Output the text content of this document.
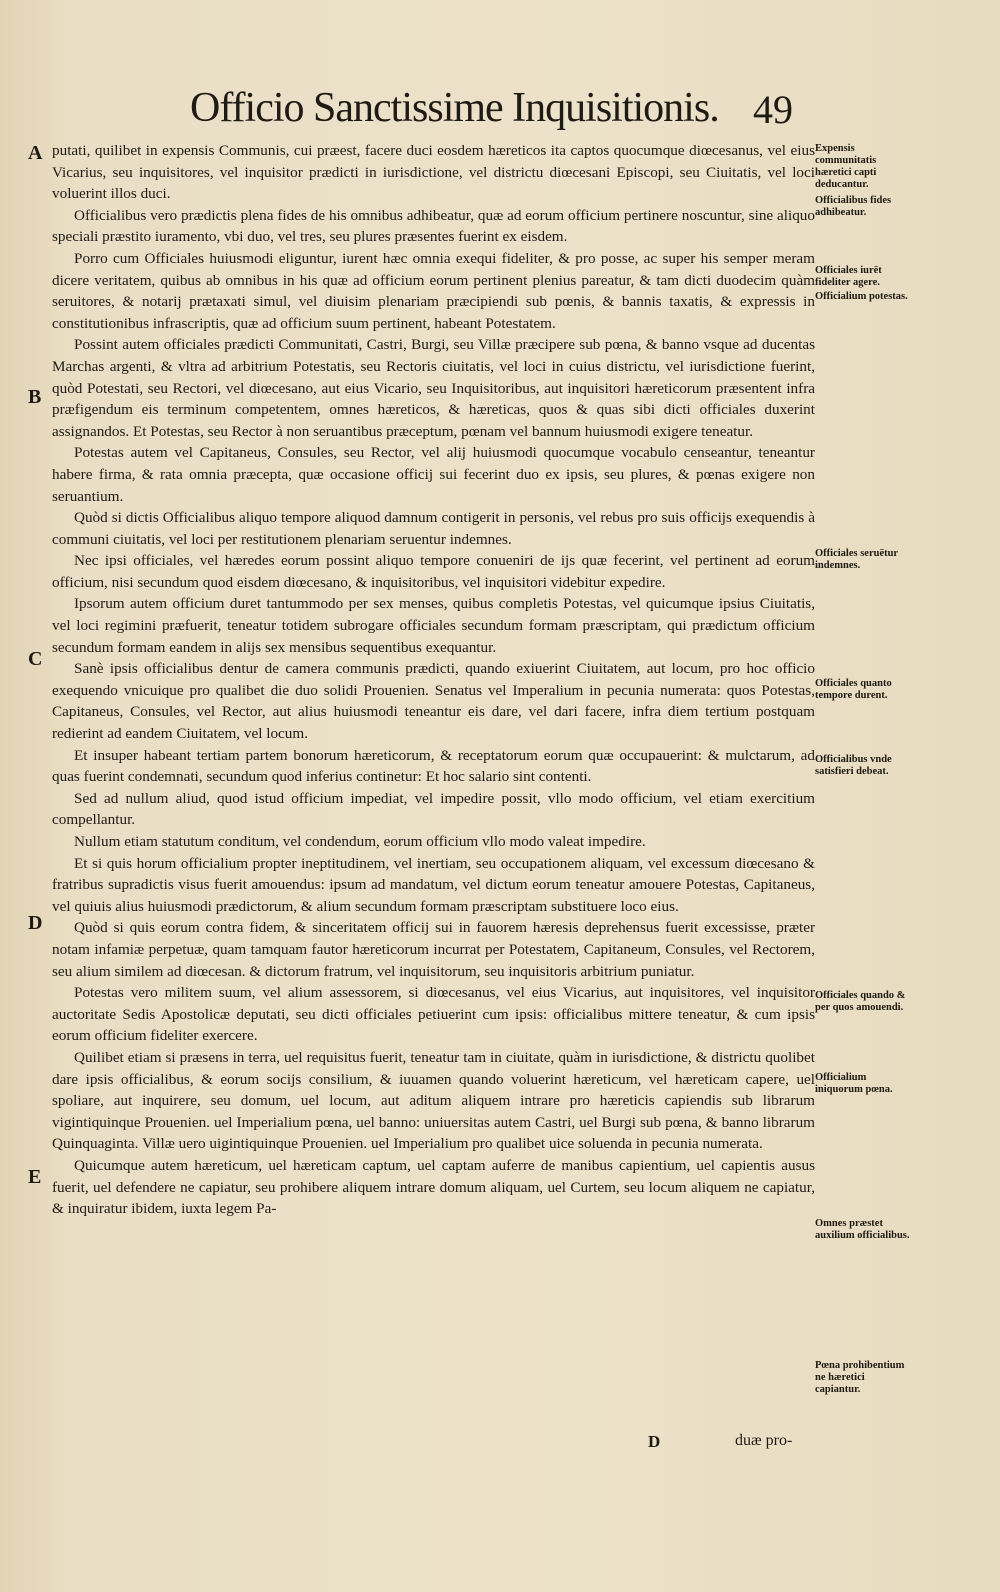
Officio Sanctissime Inquisitionis. 49
A
B
C
D
E

putati, quilibet in expensis Communis, cui præest, facere duci eosdem hæreticos ita captos quocumque diœcesanus, vel eius Vicarius, seu inquisitores, vel inquisitor prædicti in iurisdictione, vel districtu diœcesani Episcopi, seu Ciuitatis, vel loci voluerint illos duci.

Officialibus vero prædictis plena fides de his omnibus adhibeatur, quæ ad eorum officium pertinere noscuntur, sine aliquo speciali præstito iuramento, vbi duo, vel tres, seu plures præsentes fuerint ex eisdem.

Porro cum Officiales huiusmodi eliguntur, iurent hæc omnia exequi fideliter, & pro posse, ac super his semper meram dicere veritatem, quibus ab omnibus in his quæ ad officium eorum pertinent plenius pareatur, & tam dicti duodecim quàm seruitores, & notarij prætaxati simul, vel diuisim plenariam præcipiendi sub pœnis, & bannis taxatis, & expressis in constitutionibus infrascriptis, quæ ad officium suum pertinent, habeant Potestatem.

Possint autem officiales prædicti Communitati, Castri, Burgi, seu Villæ præcipere sub pœna, & banno vsque ad ducentas Marchas argenti, & vltra ad arbitrium Potestatis, seu Rectoris ciuitatis, vel loci in cuius districtu, vel iurisdictione fuerint, quòd Potestati, seu Rectori, vel diœcesano, aut eius Vicario, seu Inquisitoribus, aut inquisitori hæreticorum præsentent infra præfigendum eis terminum competentem, omnes hæreticos, & hæreticas, quos & quas sibi dicti officiales duxerint assignandos. Et Potestas, seu Rector à non seruantibus præceptum, pœnam vel bannum huiusmodi exigere teneatur.

Potestas autem vel Capitaneus, Consules, seu Rector, vel alij huiusmodi quocumque vocabulo censeantur, teneantur habere firma, & rata omnia præcepta, quæ occasione officij sui fecerint duo ex ipsis, seu plures, & pœnas exigere non seruantium.

Quòd si dictis Officialibus aliquo tempore aliquod damnum contigerit in personis, vel rebus pro suis officijs exequendis à communi ciuitatis, vel loci per restitutionem plenariam seruentur indemnes.

Nec ipsi officiales, vel hæredes eorum possint aliquo tempore conueniri de ijs quæ fecerint, vel pertinent ad eorum officium, nisi secundum quod eisdem diœcesano, & inquisitoribus, vel inquisitori videbitur expedire.

Ipsorum autem officium duret tantummodo per sex menses, quibus completis Potestas, vel quicumque ipsius Ciuitatis, vel loci regimini præfuerit, teneatur totidem subrogare officiales secundum formam præscriptam, qui prædictum officium secundum formam eandem in alijs sex mensibus sequentibus exequantur.

Sanè ipsis officialibus dentur de camera communis prædicti, quando exiuerint Ciuitatem, aut locum, pro hoc officio exequendo vnicuique pro qualibet die duo solidi Prouenien. Senatus vel Imperalium in pecunia numerata: quos Potestas, Capitaneus, Consules, vel Rector, aut alius huiusmodi teneantur eis dare, vel dari facere, infra diem tertium postquam redierint ad eandem Ciuitatem, vel locum.

Et insuper habeant tertiam partem bonorum hæreticorum, & receptatorum eorum quæ occupauerint: & mulctarum, ad quas fuerint condemnati, secundum quod inferius continetur: Et hoc salario sint contenti.

Sed ad nullum aliud, quod istud officium impediat, vel impedire possit, vllo modo officium, vel etiam exercitium compellantur.

Nullum etiam statutum conditum, vel condendum, eorum officium vllo modo valeat impedire.

Et si quis horum officialium propter ineptitudinem, vel inertiam, seu occupationem aliquam, vel excessum diœcesano & fratribus supradictis visus fuerit amouendus: ipsum ad mandatum, vel dictum eorum teneatur amouere Potestas, Capitaneus, vel quiuis alius huiusmodi prædictorum, & alium secundum formam præscriptam substituere loco eius.

Quòd si quis eorum contra fidem, & sinceritatem officij sui in fauorem hæresis deprehensus fuerit excessisse, præter notam infamiæ perpetuæ, quam tamquam fautor hæreticorum incurrat per Potestatem, Capitaneum, Consules, vel Rectorem, seu alium similem ad diœcesan. & dictorum fratrum, vel inquisitorum, seu inquisitoris arbitrium puniatur.

Potestas vero militem suum, vel alium assessorem, si diœcesanus, vel eius Vicarius, aut inquisitores, vel inquisitor auctoritate Sedis Apostolicæ deputati, seu dicti officiales petiuerint cum ipsis: officialibus mittere teneatur, & cum ipsis eorum officium fideliter exercere.

Quilibet etiam si præsens in terra, uel requisitus fuerit, teneatur tam in ciuitate, quàm in iurisdictione, & districtu quolibet dare ipsis officialibus, & eorum socijs consilium, & iuuamen quando voluerint hæreticum, vel hæreticam capere, uel spoliare, aut inquirere, seu domum, uel locum, aut aditum aliquem intrare pro hæreticis capiendis sub librarum vigintiquinque Prouenien. uel Imperialium pœna, uel banno: uniuersitas autem Castri, uel Burgi sub pœna, & banno librarum Quinquaginta. Villæ uero uigintiquinque Prouenien. uel Imperialium pro qualibet uice soluenda in pecunia numerata.

Quicumque autem hæreticum, uel hæreticam captum, uel captam auferre de manibus capientium, uel capientis ausus fuerit, uel defendere ne capiatur, seu prohibere aliquem intrare domum aliquam, uel Curtem, seu locum aliquem ne capiatur, & inquiratur ibidem, iuxta legem Pa-

Expensis communitatis hæretici capti deducantur.
Officialibus fides adhibeatur.
Officiales iurēt fideliter agere.
Officialium potestas.
Officiales seruētur indemnes.
Officiales quanto tempore durent.
Officialibus vnde satisfieri debeat.
Officiales quando & per quos amouendi.
Officialium iniquorum pœna.
Omnes præstet auxilium officialibus.
Pœna prohibentium ne hæretici capiantur.
D	duæ pro-
